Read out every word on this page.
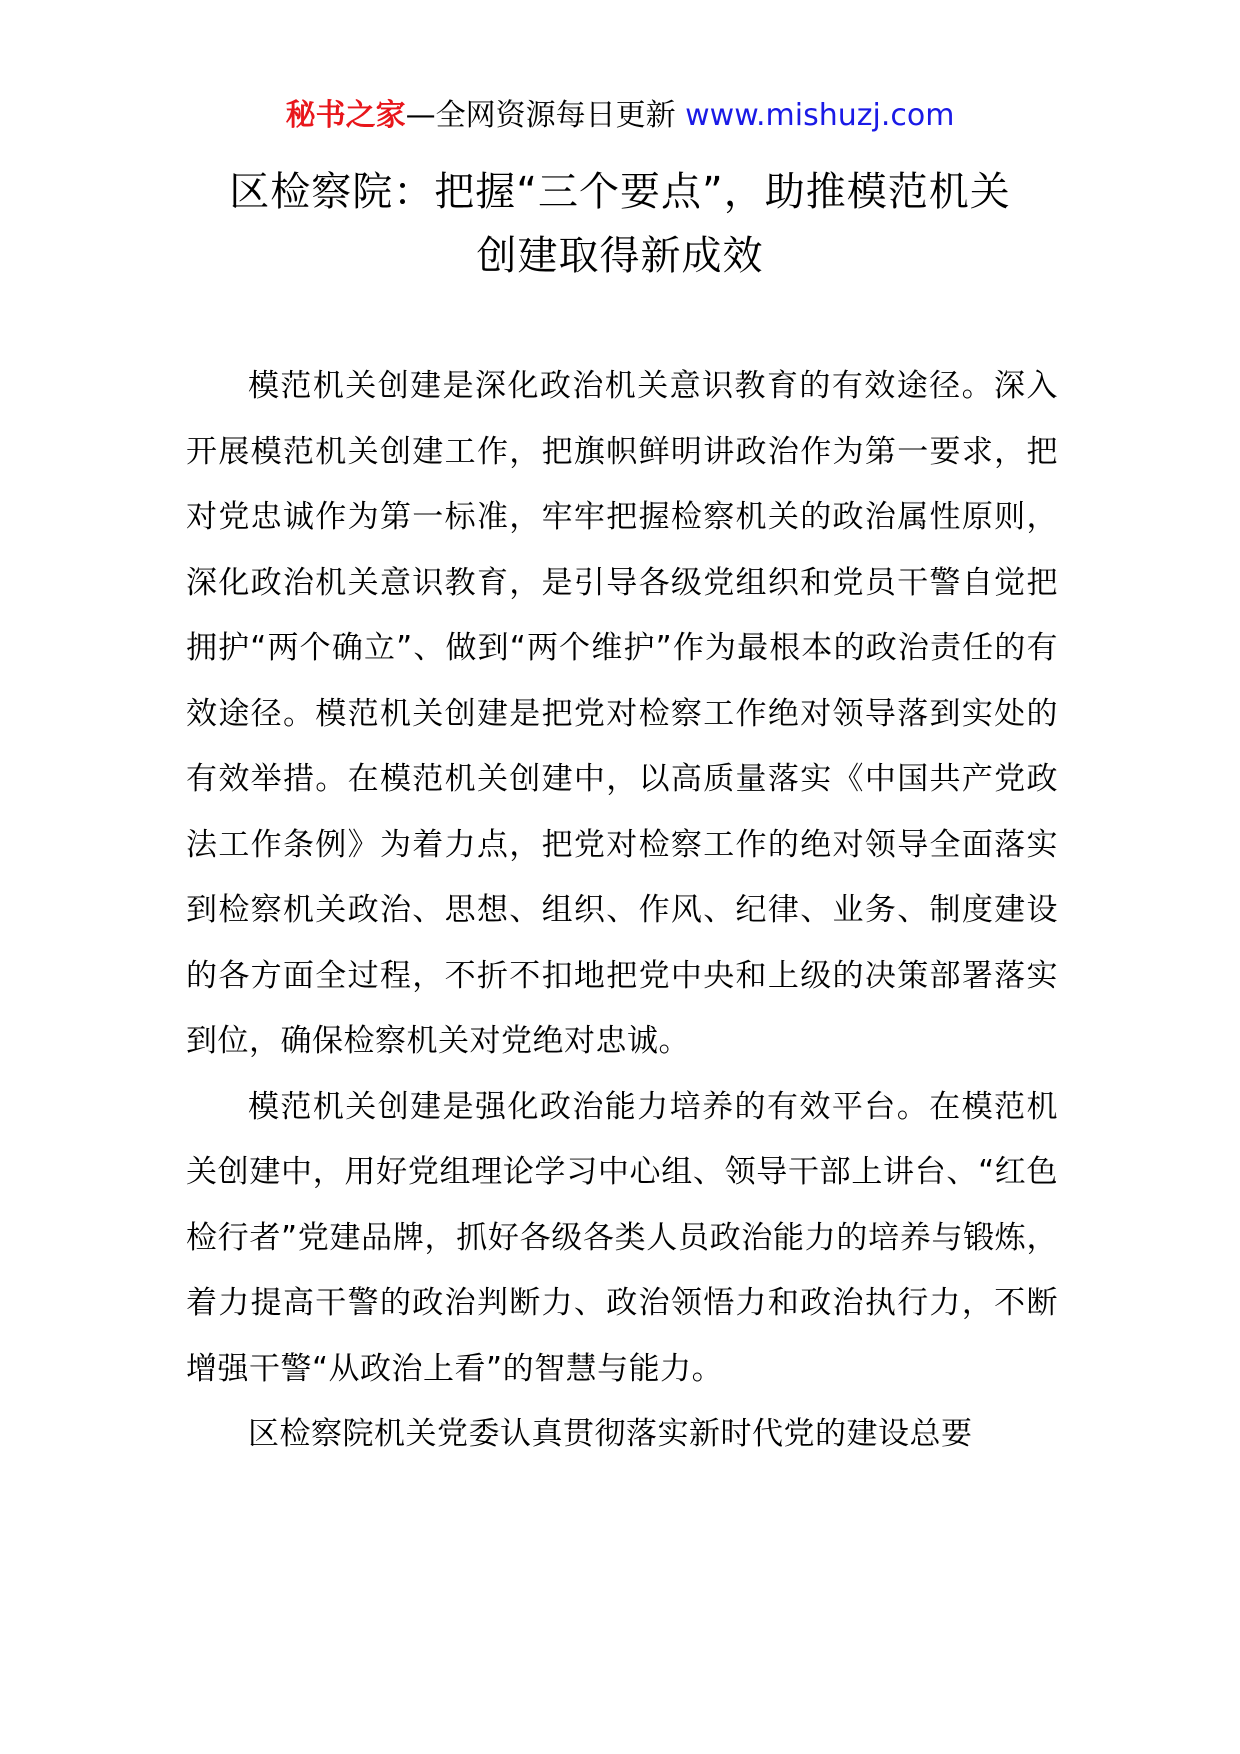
秘书之家—全网资源每日更新 www.mishuzj.com
区检察院：把握“三个要点”，助推模范机关
创建取得新成效

模范机关创建是深化政治机关意识教育的有效途径。深入开展模范机关创建工作，把旗帜鲜明讲政治作为第一要求，把对党忠诚作为第一标准，牢牢把握检察机关的政治属性原则，深化政治机关意识教育，是引导各级党组织和党员干警自觉把拥护“两个确立”、做到“两个维护”作为最根本的政治责任的有效途径。模范机关创建是把党对检察工作绝对领导落到实处的有效举措。在模范机关创建中，以高质量落实《中国共产党政法工作条例》为着力点，把党对检察工作的绝对领导全面落实到检察机关政治、思想、组织、作风、纪律、业务、制度建设的各方面全过程，不折不扣地把党中央和上级的决策部署落实到位，确保检察机关对党绝对忠诚。

模范机关创建是强化政治能力培养的有效平台。在模范机关创建中，用好党组理论学习中心组、领导干部上讲台、“红色检行者”党建品牌，抓好各级各类人员政治能力的培养与锻炼，着力提高干警的政治判断力、政治领悟力和政治执行力，不断增强干警“从政治上看”的智慧与能力。

区检察院机关党委认真贯彻落实新时代党的建设总要
